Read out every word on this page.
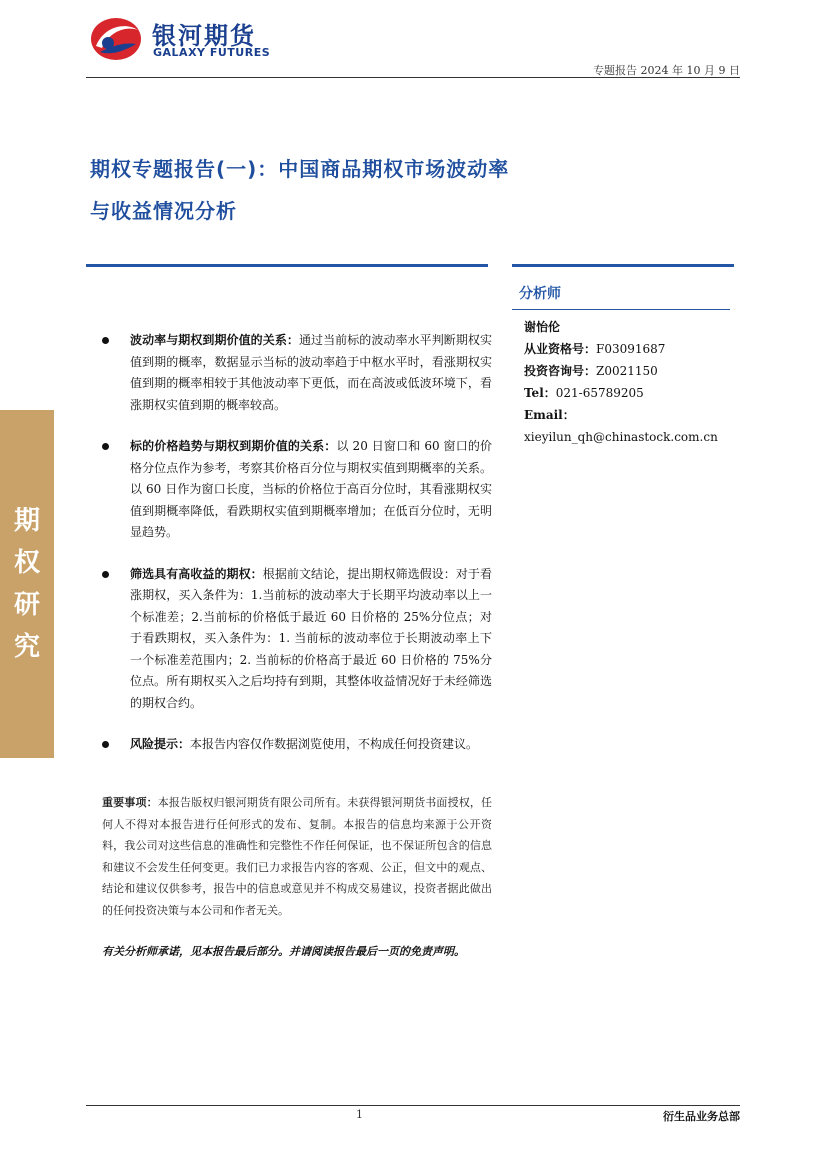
银河期货
GALAXY FUTURES
专题报告 2024 年 10 月 9 日
期权专题报告(一)：中国商品期权市场波动率与收益情况分析
分析师
谢怡伦
从业资格号：F03091687
投资咨询号：Z0021150
Tel：021-65789205
Email：
xieyilun_qh@chinastock.com.cn
期
权
研
究
波动率与期权到期价值的关系：通过当前标的波动率水平判断期权实值到期的概率，数据显示当标的波动率趋于中枢水平时，看涨期权实值到期的概率相较于其他波动率下更低，而在高波或低波环境下，看涨期权实值到期的概率较高。
标的价格趋势与期权到期价值的关系：以 20 日窗口和 60 窗口的价格分位点作为参考，考察其价格百分位与期权实值到期概率的关系。以 60 日作为窗口长度，当标的价格位于高百分位时，其看涨期权实值到期概率降低，看跌期权实值到期概率增加；在低百分位时，无明显趋势。
筛选具有高收益的期权：根据前文结论，提出期权筛选假设：对于看涨期权，买入条件为：1.当前标的波动率大于长期平均波动率以上一个标准差；2.当前标的价格低于最近 60 日价格的 25%分位点；对于看跌期权，买入条件为：1. 当前标的波动率位于长期波动率上下一个标准差范围内；2. 当前标的价格高于最近 60 日价格的 75%分位点。所有期权买入之后均持有到期，其整体收益情况好于未经筛选的期权合约。
风险提示：本报告内容仅作数据浏览使用，不构成任何投资建议。
重要事项：本报告版权归银河期货有限公司所有。未获得银河期货书面授权，任何人不得对本报告进行任何形式的发布、复制。本报告的信息均来源于公开资料，我公司对这些信息的准确性和完整性不作任何保证，也不保证所包含的信息和建议不会发生任何变更。我们已力求报告内容的客观、公正，但文中的观点、结论和建议仅供参考，报告中的信息或意见并不构成交易建议，投资者据此做出的任何投资决策与本公司和作者无关。
有关分析师承诺，见本报告最后部分。并请阅读报告最后一页的免责声明。
1	衍生品业务总部
